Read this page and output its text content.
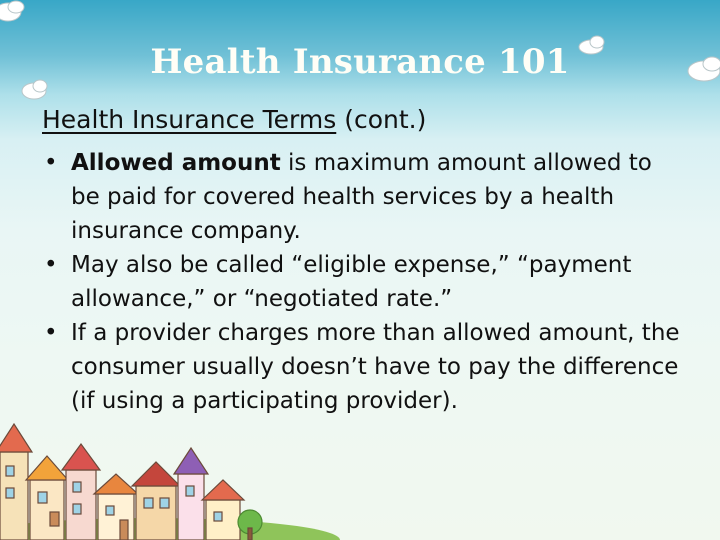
Health Insurance 101
Health Insurance Terms (cont.)
• Allowed amount is maximum amount allowed to be paid for covered health services by a health insurance company.
• May also be called “eligible expense,” “payment allowance,” or “negotiated rate.”
• If a provider charges more than allowed amount, the consumer usually doesn’t have to pay the difference (if using a participating provider).
